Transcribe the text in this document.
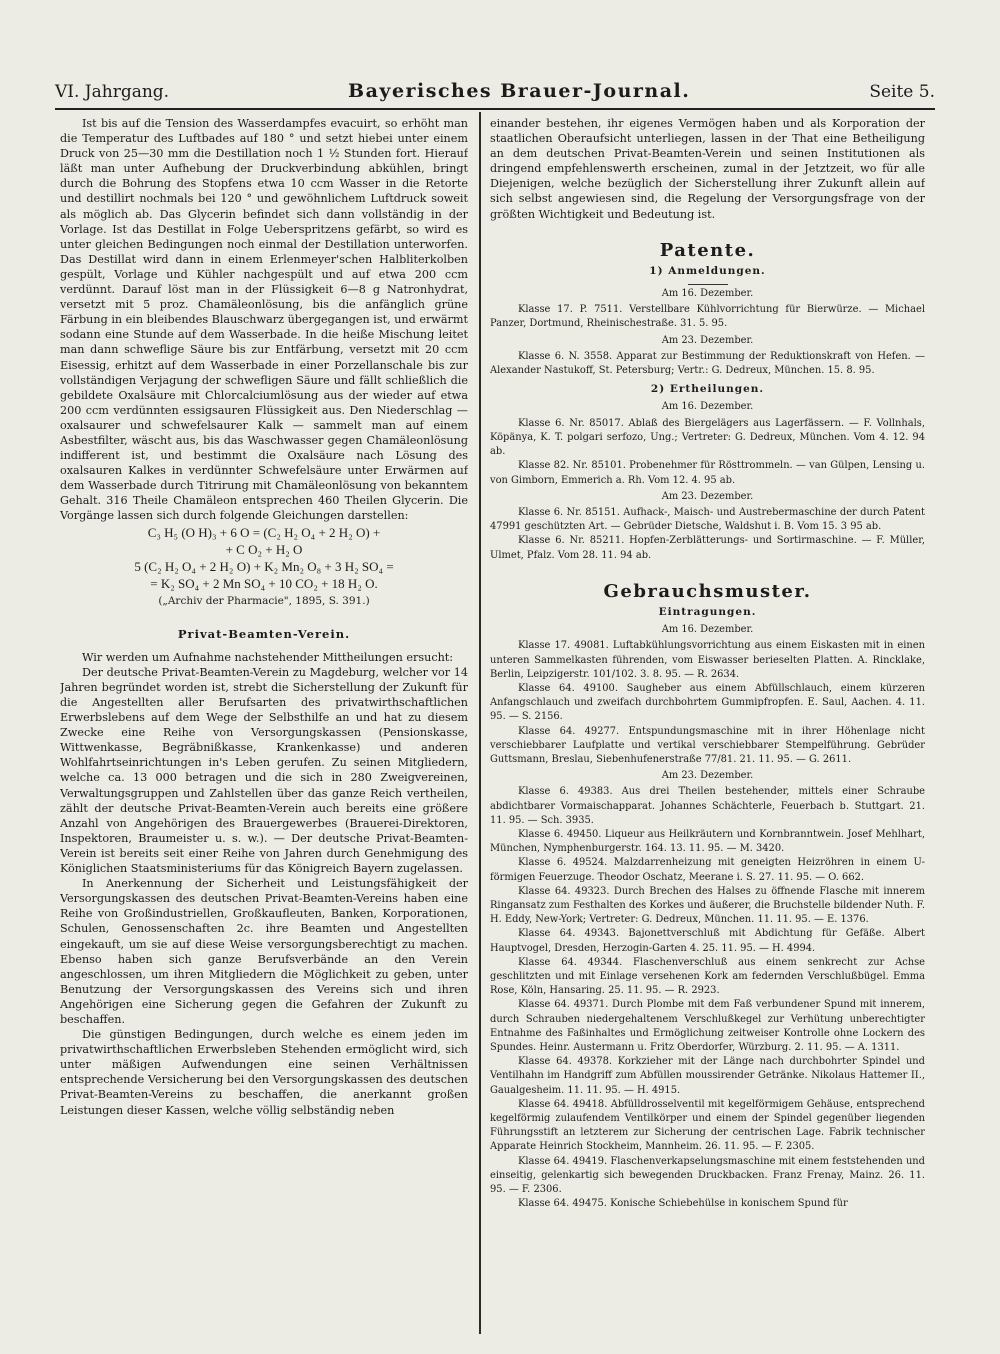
VI. Jahrgang.	Bayerisches Brauer-Journal.	Seite 5.

Ist bis auf die Tension des Wasserdampfes evacuirt, so erhöht man die Temperatur des Luftbades auf 180 ° und setzt hiebei unter einem Druck von 25—30 mm die Destillation noch 1 ½ Stunden fort. Hierauf läßt man unter Aufhebung der Druckverbindung abkühlen, bringt durch die Bohrung des Stopfens etwa 10 ccm Wasser in die Retorte und destillirt nochmals bei 120 ° und gewöhnlichem Luftdruck soweit als möglich ab. Das Glycerin befindet sich dann vollständig in der Vorlage. Ist das Destillat in Folge Ueberspritzens gefärbt, so wird es unter gleichen Bedingungen noch einmal der Destillation unterworfen. Das Destillat wird dann in einem Erlenmeyer'schen Halbliterkolben gespült, Vorlage und Kühler nachgespült und auf etwa 200 ccm verdünnt. Darauf löst man in der Flüssigkeit 6—8 g Natronhydrat, versetzt mit 5 proz. Chamäleonlösung, bis die anfänglich grüne Färbung in ein bleibendes Blauschwarz übergegangen ist, und erwärmt sodann eine Stunde auf dem Wasserbade. In die heiße Mischung leitet man dann schweflige Säure bis zur Entfärbung, versetzt mit 20 ccm Eisessig, erhitzt auf dem Wasserbade in einer Porzellanschale bis zur vollständigen Verjagung der schwefligen Säure und fällt schließlich die gebildete Oxalsäure mit Chlorcalciumlösung aus der wieder auf etwa 200 ccm verdünnten essigsauren Flüssigkeit aus. Den Niederschlag — oxalsaurer und schwefelsaurer Kalk — sammelt man auf einem Asbestfilter, wäscht aus, bis das Waschwasser gegen Chamäleonlösung indifferent ist, und bestimmt die Oxalsäure nach Lösung des oxalsauren Kalkes in verdünnter Schwefelsäure unter Erwärmen auf dem Wasserbade durch Titrirung mit Chamäleonlösung von bekanntem Gehalt. 316 Theile Chamäleon entsprechen 460 Theilen Glycerin. Die Vorgänge lassen sich durch folgende Gleichungen darstellen:

C₃ H₅ (O H)₃ + 6 O = (C₂ H₂ O₄ + 2 H₂ O) +

+ C O₂ + H₂ O

5 (C₂ H₂ O₄ + 2 H₂ O) + K₂ Mn₂ O₈ + 3 H₂ SO₄ =

= K₂ SO₄ + 2 Mn SO₄ + 10 CO₂ + 18 H₂ O.

(„Archiv der Pharmacie", 1895, S. 391.)

Privat-Beamten-Verein.

Wir werden um Aufnahme nachstehender Mittheilungen ersucht:

Der deutsche Privat-Beamten-Verein zu Magdeburg, welcher vor 14 Jahren begründet worden ist, strebt die Sicherstellung der Zukunft für die Angestellten aller Berufsarten des privatwirthschaftlichen Erwerbslebens auf dem Wege der Selbsthilfe an und hat zu diesem Zwecke eine Reihe von Versorgungskassen (Pensionskasse, Wittwenkasse, Begräbnißkasse, Krankenkasse) und anderen Wohlfahrtseinrichtungen in's Leben gerufen. Zu seinen Mitgliedern, welche ca. 13 000 betragen und die sich in 280 Zweigvereinen, Verwaltungsgruppen und Zahlstellen über das ganze Reich vertheilen, zählt der deutsche Privat-Beamten-Verein auch bereits eine größere Anzahl von Angehörigen des Brauergewerbes (Brauerei-Direktoren, Inspektoren, Braumeister u. s. w.). — Der deutsche Privat-Beamten-Verein ist bereits seit einer Reihe von Jahren durch Genehmigung des Königlichen Staatsministeriums für das Königreich Bayern zugelassen.

In Anerkennung der Sicherheit und Leistungsfähigkeit der Versorgungskassen des deutschen Privat-Beamten-Vereins haben eine Reihe von Großindustriellen, Großkaufleuten, Banken, Korporationen, Schulen, Genossenschaften 2c. ihre Beamten und Angestellten eingekauft, um sie auf diese Weise versorgungsberechtigt zu machen. Ebenso haben sich ganze Berufsverbände an den Verein angeschlossen, um ihren Mitgliedern die Möglichkeit zu geben, unter Benutzung der Versorgungskassen des Vereins sich und ihren Angehörigen eine Sicherung gegen die Gefahren der Zukunft zu beschaffen.

Die günstigen Bedingungen, durch welche es einem jeden im privatwirthschaftlichen Erwerbsleben Stehenden ermöglicht wird, sich unter mäßigen Aufwendungen eine seinen Verhältnissen entsprechende Versicherung bei den Versorgungskassen des deutschen Privat-Beamten-Vereins zu beschaffen, die anerkannt großen Leistungen dieser Kassen, welche völlig selbständig neben

einander bestehen, ihr eigenes Vermögen haben und als Korporation der staatlichen Oberaufsicht unterliegen, lassen in der That eine Betheiligung an dem deutschen Privat-Beamten-Verein und seinen Institutionen als dringend empfehlenswerth erscheinen, zumal in der Jetztzeit, wo für alle Diejenigen, welche bezüglich der Sicherstellung ihrer Zukunft allein auf sich selbst angewiesen sind, die Regelung der Versorgungsfrage von der größten Wichtigkeit und Bedeutung ist.

Patente.
1) Anmeldungen.

Am 16. Dezember.

Klasse 17. P. 7511. Verstellbare Kühlvorrichtung für Bierwürze. — Michael Panzer, Dortmund, Rheinischestraße. 31. 5. 95.

Am 23. Dezember.

Klasse 6. N. 3558. Apparat zur Bestimmung der Reduktionskraft von Hefen. — Alexander Nastukoff, St. Petersburg; Vertr.: G. Dedreux, München. 15. 8. 95.

2) Ertheilungen.

Am 16. Dezember.

Klasse 6. Nr. 85017. Ablaß des Biergelägers aus Lagerfässern. — F. Vollnhals, Köpänya, K. T. polgari serfozo, Ung.; Vertreter: G. Dedreux, München. Vom 4. 12. 94 ab.

Klasse 82. Nr. 85101. Probenehmer für Rösttrommeln. — van Gülpen, Lensing u. von Gimborn, Emmerich a. Rh. Vom 12. 4. 95 ab.

Am 23. Dezember.

Klasse 6. Nr. 85151. Aufhack-, Maisch- und Austrebermaschine der durch Patent 47991 geschützten Art. — Gebrüder Dietsche, Waldshut i. B. Vom 15. 3 95 ab.

Klasse 6. Nr. 85211. Hopfen-Zerblätterungs- und Sortirmaschine. — F. Müller, Ulmet, Pfalz. Vom 28. 11. 94 ab.

Gebrauchsmuster.
Eintragungen.

Am 16. Dezember.

Klasse 17. 49081. Luftabkühlungsvorrichtung aus einem Eiskasten mit in einen unteren Sammelkasten führenden, vom Eiswasser berieselten Platten. A. Rincklake, Berlin, Leipzigerstr. 101/102. 3. 8. 95. — R. 2634.

Klasse 64. 49100. Saugheber aus einem Abfüllschlauch, einem kürzeren Anfangschlauch und zweifach durchbohrtem Gummipfropfen. E. Saul, Aachen. 4. 11. 95. — S. 2156.

Klasse 64. 49277. Entspundungsmaschine mit in ihrer Höhenlage nicht verschiebbarer Laufplatte und vertikal verschiebbarer Stempelführung. Gebrüder Guttsmann, Breslau, Siebenhufenerstraße 77/81. 21. 11. 95. — G. 2611.

Am 23. Dezember.

Klasse 6. 49383. Aus drei Theilen bestehender, mittels einer Schraube abdichtbarer Vormaischapparat. Johannes Schächterle, Feuerbach b. Stuttgart. 21. 11. 95. — Sch. 3935.

Klasse 6. 49450. Liqueur aus Heilkräutern und Kornbranntwein. Josef Mehlhart, München, Nymphenburgerstr. 164. 13. 11. 95. — M. 3420.

Klasse 6. 49524. Malzdarrenheizung mit geneigten Heizröhren in einem U-förmigen Feuerzuge. Theodor Oschatz, Meerane i. S. 27. 11. 95. — O. 662.

Klasse 64. 49323. Durch Brechen des Halses zu öffnende Flasche mit innerem Ringansatz zum Festhalten des Korkes und äußerer, die Bruchstelle bildender Nuth. F. H. Eddy, New-York; Vertreter: G. Dedreux, München. 11. 11. 95. — E. 1376.

Klasse 64. 49343. Bajonettverschluß mit Abdichtung für Gefäße. Albert Hauptvogel, Dresden, Herzogin-Garten 4. 25. 11. 95. — H. 4994.

Klasse 64. 49344. Flaschenverschluß aus einem senkrecht zur Achse geschlitzten und mit Einlage versehenen Kork am federnden Verschlußbügel. Emma Rose, Köln, Hansaring. 25. 11. 95. — R. 2923.

Klasse 64. 49371. Durch Plombe mit dem Faß verbundener Spund mit innerem, durch Schrauben niedergehaltenem Verschlußkegel zur Verhütung unberechtigter Entnahme des Faßinhaltes und Ermöglichung zeitweiser Kontrolle ohne Lockern des Spundes. Heinr. Austermann u. Fritz Oberdorfer, Würzburg. 2. 11. 95. — A. 1311.

Klasse 64. 49378. Korkzieher mit der Länge nach durchbohrter Spindel und Ventilhahn im Handgriff zum Abfüllen moussirender Getränke. Nikolaus Hattemer II., Gaualgesheim. 11. 11. 95. — H. 4915.

Klasse 64. 49418. Abfülldrosselventil mit kegelförmigem Gehäuse, entsprechend kegelförmig zulaufendem Ventilkörper und einem der Spindel gegenüber liegenden Führungsstift an letzterem zur Sicherung der centrischen Lage. Fabrik technischer Apparate Heinrich Stockheim, Mannheim. 26. 11. 95. — F. 2305.

Klasse 64. 49419. Flaschenverkapselungsmaschine mit einem feststehenden und einseitig, gelenkartig sich bewegenden Druckbacken. Franz Frenay, Mainz. 26. 11. 95. — F. 2306.

Klasse 64. 49475. Konische Schiebehülse in konischem Spund für
